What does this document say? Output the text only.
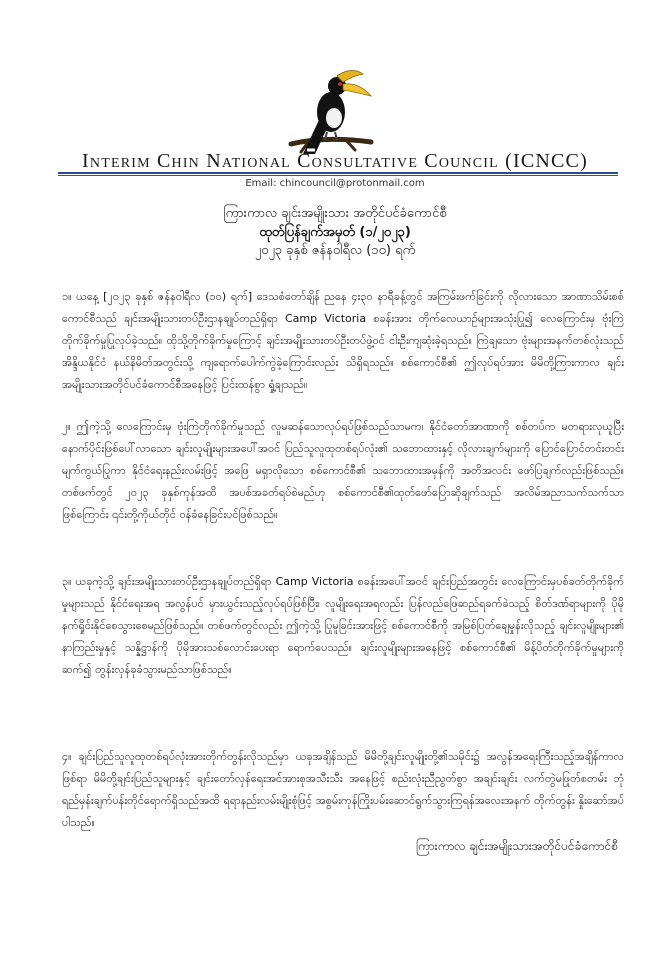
Interim Chin National Consultative Council (ICNCC)
Email: chincouncil@protonmail.com
ကြားကာလ ချင်းအမျိုးသား အတိုင်ပင်ခံကောင်စီ
ထုတ်ပြန်ချက်အမှတ် (၁/၂၀၂၃)
၂၀၂၃ ခုနှစ် ဇန်နဝါရီလ (၁၀) ရက်

၁။ ယနေ့ [၂၀၂၃ ခုနှစ် ဇန်နဝါရီလ (၁၀) ရက်] ဒေသစံတော်ချိန် ညနေ ၄း၃၀ နာရီခန့်တွင် အကြမ်းဖက်ခြင်းကို လိုလားသော အာဏာသိမ်းစစ်ကောင်စီသည် ချင်းအမျိုးသားတပ်ဦးဌာနချုပ်တည်ရှိရာ Camp Victoria စခန်းအား တိုက်လေယာဉ်များအသုံးပြု၍ လေကြောင်းမှ ဗုံးကြဲတိုက်ခိုက်မှုပြုလုပ်ခဲ့သည်။ ထိုသို့တိုက်ခိုက်မှုကြောင့် ချင်းအမျိုးသားတပ်ဦးတပ်ဖွဲ့ဝင် ငါးဦးကျဆုံးခဲ့ရသည်။ ကြဲချသော ဗုံးများအနက်တစ်လုံးသည် အိန္ဒိယနိုင်ငံ နယ်နိမိတ်အတွင်းသို့ ကျရောက်ပေါက်ကွဲခဲ့ကြောင်းလည်း သိရှိရသည်။ စစ်ကောင်စီ၏ ဤလုပ်ရပ်အား မိမိတို့ကြားကာလ ချင်းအမျိုးသားအတိုင်ပင်ခံကောင်စီအနေဖြင့် ပြင်းထန်စွာ ရှုံ့ချသည်။

၂။ ဤကဲ့သို့ လေကြောင်းမှ ဗုံးကြဲတိုက်ခိုက်မှုသည် လူမဆန်သောလုပ်ရပ်ဖြစ်သည်သာမက၊ နိုင်ငံတော်အာဏာကို စစ်တပ်က မတရားလုယူပြီးနောက်ပိုင်းဖြစ်ပေါ်လာသော ချင်းလူမျိုးများအပေါ်အဝင် ပြည်သူလူထုတစ်ရပ်လုံး၏ သဘောထားနှင့် လိုလားချက်များကို ပြောင်ပြောင်တင်းတင်း မျက်ကွယ်ပြုကာ နိုင်ငံရေးနည်းလမ်းဖြင့် အဖြေ မရှာလိုသော စစ်ကောင်စီ၏ သဘောထားအမှန်ကို အတိအလင်း ဖော်ပြချက်လည်းဖြစ်သည်။ တစ်ဖက်တွင် ၂၀၂၃ ခုနှစ်ကုန်အထိ အပစ်အခတ်ရပ်စဲမည်ဟု စစ်ကောင်စီ၏ထုတ်ဖော်ပြောဆိုချက်သည် အလိမ်အညာသက်သက်သာဖြစ်ကြောင်း ၎င်းတို့ကိုယ်တိုင် ဝန်ခံနေခြင်းပင်ဖြစ်သည်။

၃။ ယခုကဲ့သို့ ချင်းအမျိုးသားတပ်ဦးဌာနချုပ်တည်ရှိရာ Camp Victoria စခန်းအပေါ်အဝင် ချင်းပြည်အတွင်း လေကြောင်းမှပစ်ခတ်တိုက်ခိုက်မှုများသည် နိုင်ငံရေးအရ အလွန်ပင် မှားယွင်းသည့်လုပ်ရပ်ဖြစ်ပြီး၊ လူမျိုးရေးအရလည်း ပြန်လည်ဖြေဆည်ရခက်ခဲသည့် စိတ်ဒဏ်ရာများကို ပိုမိုနက်ရှိုင်းနိုင်စေသွားစေမည်ဖြစ်သည်။ တစ်ဖက်တွင်လည်း ဤကဲ့သို့ ပြုမူခြင်းအားဖြင့် စစ်ကောင်စီကို အမြစ်ပြတ်ချေမှုန်းလိုသည့် ချင်းလူမျိုးများ၏ နာကြည်းမှုနှင့် သန္နိဋ္ဌာန်ကို ပိုမိုအားသစ်လောင်းပေးရာ ရောက်ပေသည်။ ချင်းလူမျိုးများအနေဖြင့် စစ်ကောင်စီ၏ မိန့်ပိတ်တိုက်ခိုက်မှုများကို ဆက်၍ တွန်းလှန်ခုခံသွားမည်သာဖြစ်သည်။

၄။ ချင်းပြည်သူလူထုတစ်ရပ်လုံးအားတိုက်တွန်းလိုသည်မှာ ယခုအချိန်သည် မိမိတို့ချင်းလူမျိုးတို့၏သမိုင်း၌ အလွန်အရေးကြီးသည့်အချိန်ကာလဖြစ်ရာ မိမိတို့ချင်းပြည်သူများနှင့် ချင်းတော်လှန်ရေးအင်အားစုအသီးသီး အနေဖြင့် စည်းလုံးညီညွတ်စွာ အချင်းချင်း လက်တွဲမဖြုတ်စတမ်း ဘုံရည်မှန်းချက်ပန်းတိုင်ရောက်ရှိသည်အထိ ရရာနည်းလမ်းမျိုးစုံဖြင့် အစွမ်းကုန်ကြိုးပမ်းဆောင်ရွက်သွားကြရန်အလေးအနက် တိုက်တွန်း နှိုးဆော်အပ်ပါသည်။

ကြားကာလ ချင်းအမျိုးသားအတိုင်ပင်ခံကောင်စီ
